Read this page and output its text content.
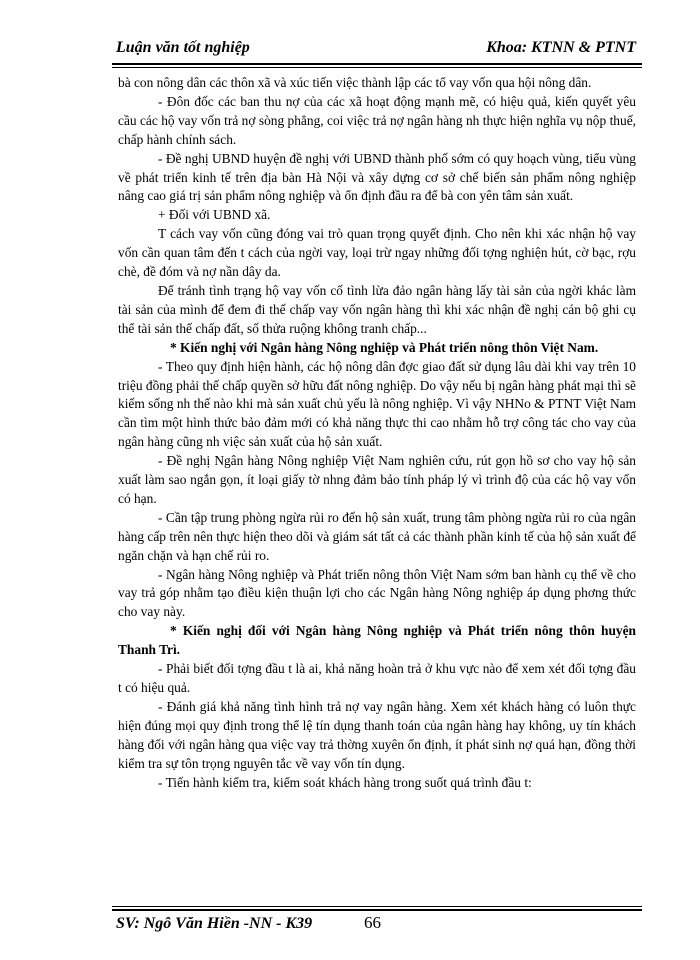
Luận văn tốt nghiệp	Khoa: KTNN & PTNT

bà con nông dân các thôn xã và xúc tiến việc thành lập các tổ vay vốn qua hội nông dân.

- Đôn đốc các ban thu nợ của các xã hoạt động mạnh mẽ, có hiệu quả, kiến quyết yêu cầu các hộ vay vốn trả nợ sòng phẳng, coi việc trả nợ ngân hàng nh thực hiện nghĩa vụ nộp thuế, chấp hành chính sách.

- Đề nghị UBND huyện đề nghị với UBND thành phố sớm có quy hoạch vùng, tiểu vùng về phát triển kinh tế trên địa bàn Hà Nội và xây dựng cơ sở chế biến sản phẩm nông nghiệp nâng cao giá trị sản phẩm nông nghiệp và ổn định đầu ra để bà con yên tâm sản xuất.

+ Đối với UBND xã.

T cách vay vốn cũng đóng vai trò quan trọng quyết định. Cho nên khi xác nhận hộ vay vốn cần quan tâm đến t cách của ngời vay, loại trừ ngay những đối tợng nghiện hút, cờ bạc, rợu chè, đề đóm và nợ nần dây da.

Để tránh tình trạng hộ vay vốn cố tình lừa đảo ngân hàng lấy tài sản của ngời khác làm tài sản của mình để đem đi thế chấp vay vốn ngân hàng thì khi xác nhận đề nghị cán bộ ghi cụ thể tài sản thế chấp đất, số thửa ruộng không tranh chấp...

* Kiến nghị với Ngân hàng Nông nghiệp và Phát triển nông thôn Việt Nam.

- Theo quy định hiện hành, các hộ nông dân đợc giao đất sử dụng lâu dài khi vay trên 10 triệu đồng phải thế chấp quyền sở hữu đất nông nghiệp. Do vậy nếu bị ngân hàng phát mại thì sẽ kiếm sống nh thế nào khi mà sản xuất chủ yếu là nông nghiệp. Vì vậy NHNo & PTNT Việt Nam cần tìm một hình thức bảo đảm mới có khả năng thực thi cao nhằm hỗ trợ công tác cho vay của ngân hàng cũng nh việc sản xuất của hộ sản xuất.

- Đề nghị Ngân hàng Nông nghiệp Việt Nam nghiên cứu, rút gọn hồ sơ cho vay hộ sản xuất làm sao ngắn gọn, ít loại giấy tờ nhng đảm bảo tính pháp lý vì trình độ của các hộ vay vốn có hạn.

- Cần tập trung phòng ngừa rủi ro đến hộ sản xuất, trung tâm phòng ngừa rủi ro của ngân hàng cấp trên nên thực hiện theo dõi và giám sát tất cả các thành phần kinh tế của hộ sản xuất để ngăn chặn và hạn chế rủi ro.

- Ngân hàng Nông nghiệp và Phát triển nông thôn Việt Nam sớm ban hành cụ thể về cho vay trả góp nhằm tạo điều kiện thuận lợi cho các Ngân hàng Nông nghiệp áp dụng phơng thức cho vay này.

* Kiến nghị đối với Ngân hàng Nông nghiệp và Phát triển nông thôn huyện Thanh Trì.

- Phải biết đối tợng đầu t là ai, khả năng hoàn trả ở khu vực nào để xem xét đối tợng đầu t có hiệu quả.

- Đánh giá khả năng tình hình trả nợ vay ngân hàng. Xem xét khách hàng có luôn thực hiện đúng mọi quy định trong thể lệ tín dụng thanh toán của ngân hàng hay không, uy tín khách hàng đối với ngân hàng qua việc vay trả thờng xuyên ổn định, ít phát sinh nợ quá hạn, đồng thời kiểm tra sự tôn trọng nguyên tắc về vay vốn tín dụng.

- Tiến hành kiểm tra, kiểm soát khách hàng trong suốt quá trình đầu t:

SV: Ngô Văn Hiền -NN - K39	66
